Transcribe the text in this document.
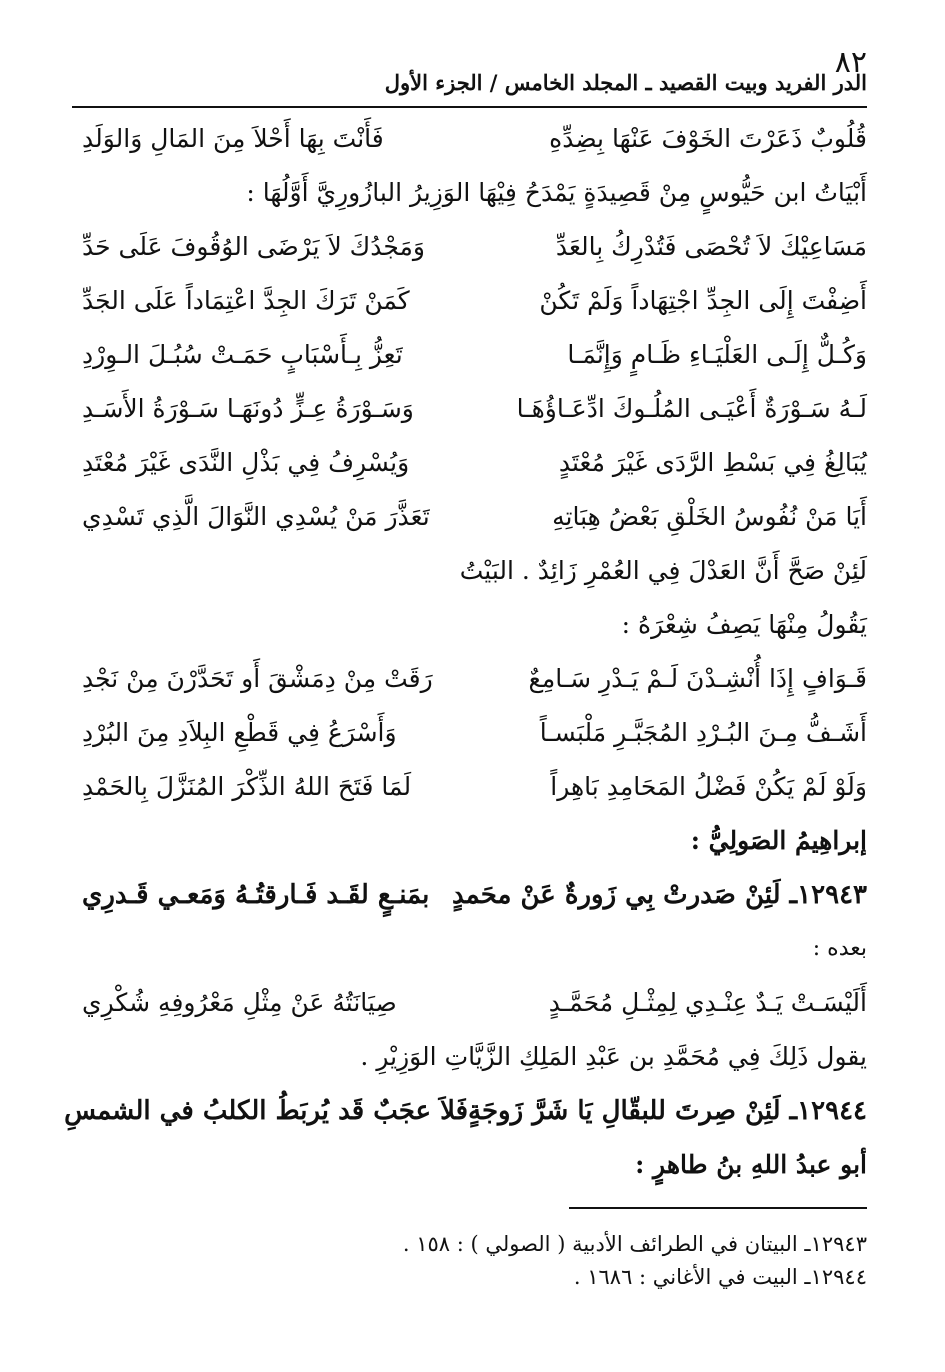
٨٢
الدر الفريد وبيت القصيد ـ المجلد الخامس / الجزء الأول
قُلُوبٌ ذَعَرْتَ الخَوْفَ عَنْهَا بِضِدِّهِ
فَأَنْتَ بِهَا أَحْلاَ مِنَ المَالِ وَالوَلَدِ
أَبْيَاتُ ابن حَيُّوسٍ مِنْ قَصِيدَةٍ يَمْدَحُ فِيْهَا الوَزِيرُ البازُورِيَّ أَوَّلُهَا :
مَسَاعِيْكَ لاَ تُحْصَى فَتُدْرِكُ بِالعَدِّ
وَمَجْدُكَ لاَ يَرْضَى الوُقُوفَ عَلَى حَدِّ
أَضِفْتَ إِلَى الجِدِّ اجْتِهَاداً وَلَمْ تَكُنْ
كَمَنْ تَرَكَ الجِدَّ اعْتِمَاداً عَلَى الجَدِّ
وَكُـلٌّ إِلَـى العَلْيَـاءِ ظَـامٍ وَإِنَّمَـا
تَعِزُّ بِـأَسْبَابٍ حَمَـتْ سُبُـلَ الـوِرْدِ
لَـهُ سَـوْرَةٌ أَعْيَـى المُلُـوكَ ادِّعَـاؤُهَـا
وَسَـوْرَةُ عِـزٍّ دُونَهَـا سَـوْرَةُ الأَسَـدِ
يُبَالِغُ فِي بَسْطِ الرَّدَى غَيْرَ مُعْتَدٍ
وَيُسْرِفُ فِي بَذْلِ النَّدَى غَيْرَ مُعْتَدِ
أَيَا مَنْ نُفُوسُ الخَلْقِ بَعْضُ هِبَاتِهِ
تَعَذَّرَ مَنْ يُسْدِي النَّوَالَ الَّذِي تَسْدِي
لَئِنْ صَحَّ أَنَّ العَدْلَ فِي العُمْرِ زَائِدٌ . البَيْتُ
يَقُولُ مِنْهَا يَصِفُ شِعْرَهُ :
قَـوَافٍ إِذَا أُنْشِـدْنَ لَـمْ يَـدْرِ سَـامِعٌ
رَقَتْ مِنْ دِمَشْقَ أَو تَحَدَّرْنَ مِنْ نَجْدِ
أَشَـفُّ مِـنَ البُـرْدِ المُجَبَّـرِ مَلْبَسـاً
وَأَسْرَعُ فِي قَطْعِ البِلاَدِ مِنَ البُرْدِ
وَلَوْ لَمْ يَكُنْ فَضْلُ المَحَامِدِ بَاهِراً
لَمَا فَتَحَ اللهُ الذِّكْرَ المُنَزَّلَ بِالحَمْدِ
إبراهِيمُ الصَولِيُّ :
١٢٩٤٣ـ لَئِنْ صَدرتْ بِي زَورةٌ عَنْ محَمدٍ
بمَنـعٍ لقَـد فَـارقتُـهُ وَمَعـي قَـدرِي
بعده :
أَلَيْسَـتْ يَـدٌ عِنْـدِي لِمِثْـلِ مُحَمَّـدٍ
صِيَانَتُهُ عَنْ مِثْلِ مَعْرُوفِهِ شُكْرِي
يقول ذَلِكَ فِي مُحَمَّدِ بن عَبْدِ المَلِكِ الزَّيَّاتِ الوَزِيْرِ .
١٢٩٤٤ـ لَئِنْ صِرتَ للبقّالِ يَا شَرَّ زَوجَةٍ
فَلاَ عجَبٌ قَد يُربَطُ الكلبُ في الشمسِ
أبو عبدُ اللهِ بنُ طاهرٍ :
١٢٩٤٣ـ البيتان في الطرائف الأدبية ( الصولي ) : ١٥٨ .
١٢٩٤٤ـ البيت في الأغاني : ١٦٨٦ .
